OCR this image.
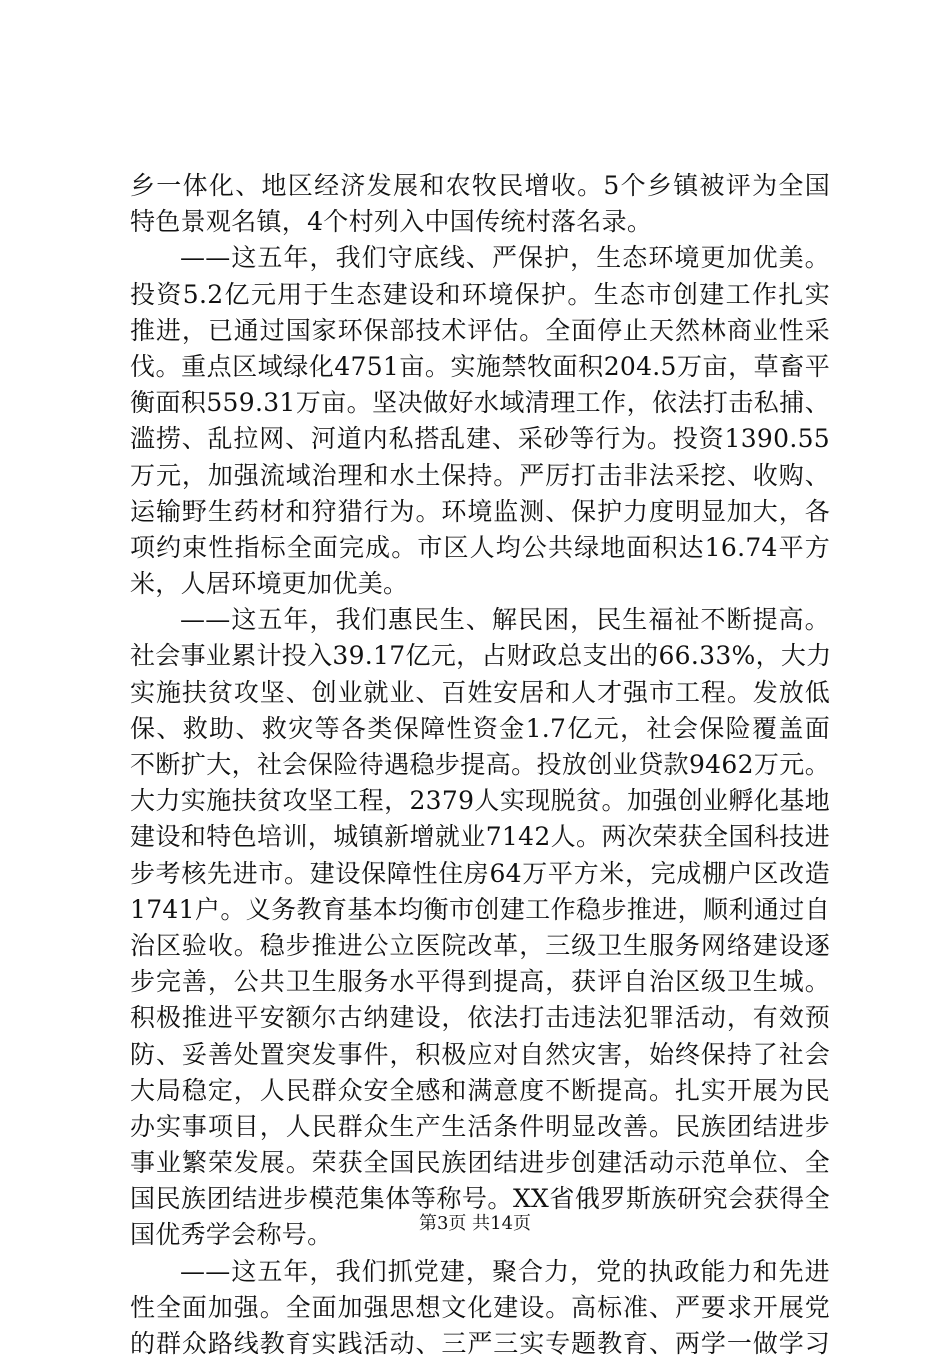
乡一体化、地区经济发展和农牧民增收。5个乡镇被评为全国
特色景观名镇，4个村列入中国传统村落名录。
——这五年，我们守底线、严保护，生态环境更加优美。
投资5.2亿元用于生态建设和环境保护。生态市创建工作扎实
推进，已通过国家环保部技术评估。全面停止天然林商业性采
伐。重点区域绿化4751亩。实施禁牧面积204.5万亩，草畜平
衡面积559.31万亩。坚决做好水域清理工作，依法打击私捕、
滥捞、乱拉网、河道内私搭乱建、采砂等行为。投资1390.55
万元，加强流域治理和水土保持。严厉打击非法采挖、收购、
运输野生药材和狩猎行为。环境监测、保护力度明显加大，各
项约束性指标全面完成。市区人均公共绿地面积达16.74平方
米，人居环境更加优美。
——这五年，我们惠民生、解民困，民生福祉不断提高。
社会事业累计投入39.17亿元，占财政总支出的66.33%，大力
实施扶贫攻坚、创业就业、百姓安居和人才强市工程。发放低
保、救助、救灾等各类保障性资金1.7亿元，社会保险覆盖面
不断扩大，社会保险待遇稳步提高。投放创业贷款9462万元。
大力实施扶贫攻坚工程，2379人实现脱贫。加强创业孵化基地
建设和特色培训，城镇新增就业7142人。两次荣获全国科技进
步考核先进市。建设保障性住房64万平方米，完成棚户区改造
1741户。义务教育基本均衡市创建工作稳步推进，顺利通过自
治区验收。稳步推进公立医院改革，三级卫生服务网络建设逐
步完善，公共卫生服务水平得到提高，获评自治区级卫生城。
积极推进平安额尔古纳建设，依法打击违法犯罪活动，有效预
防、妥善处置突发事件，积极应对自然灾害，始终保持了社会
大局稳定，人民群众安全感和满意度不断提高。扎实开展为民
办实事项目，人民群众生产生活条件明显改善。民族团结进步
事业繁荣发展。荣获全国民族团结进步创建活动示范单位、全
国民族团结进步模范集体等称号。XX省俄罗斯族研究会获得全
国优秀学会称号。
——这五年，我们抓党建，聚合力，党的执政能力和先进
性全面加强。全面加强思想文化建设。高标准、严要求开展党
的群众路线教育实践活动、三严三实专题教育、两学一做学习
第3页 共14页
